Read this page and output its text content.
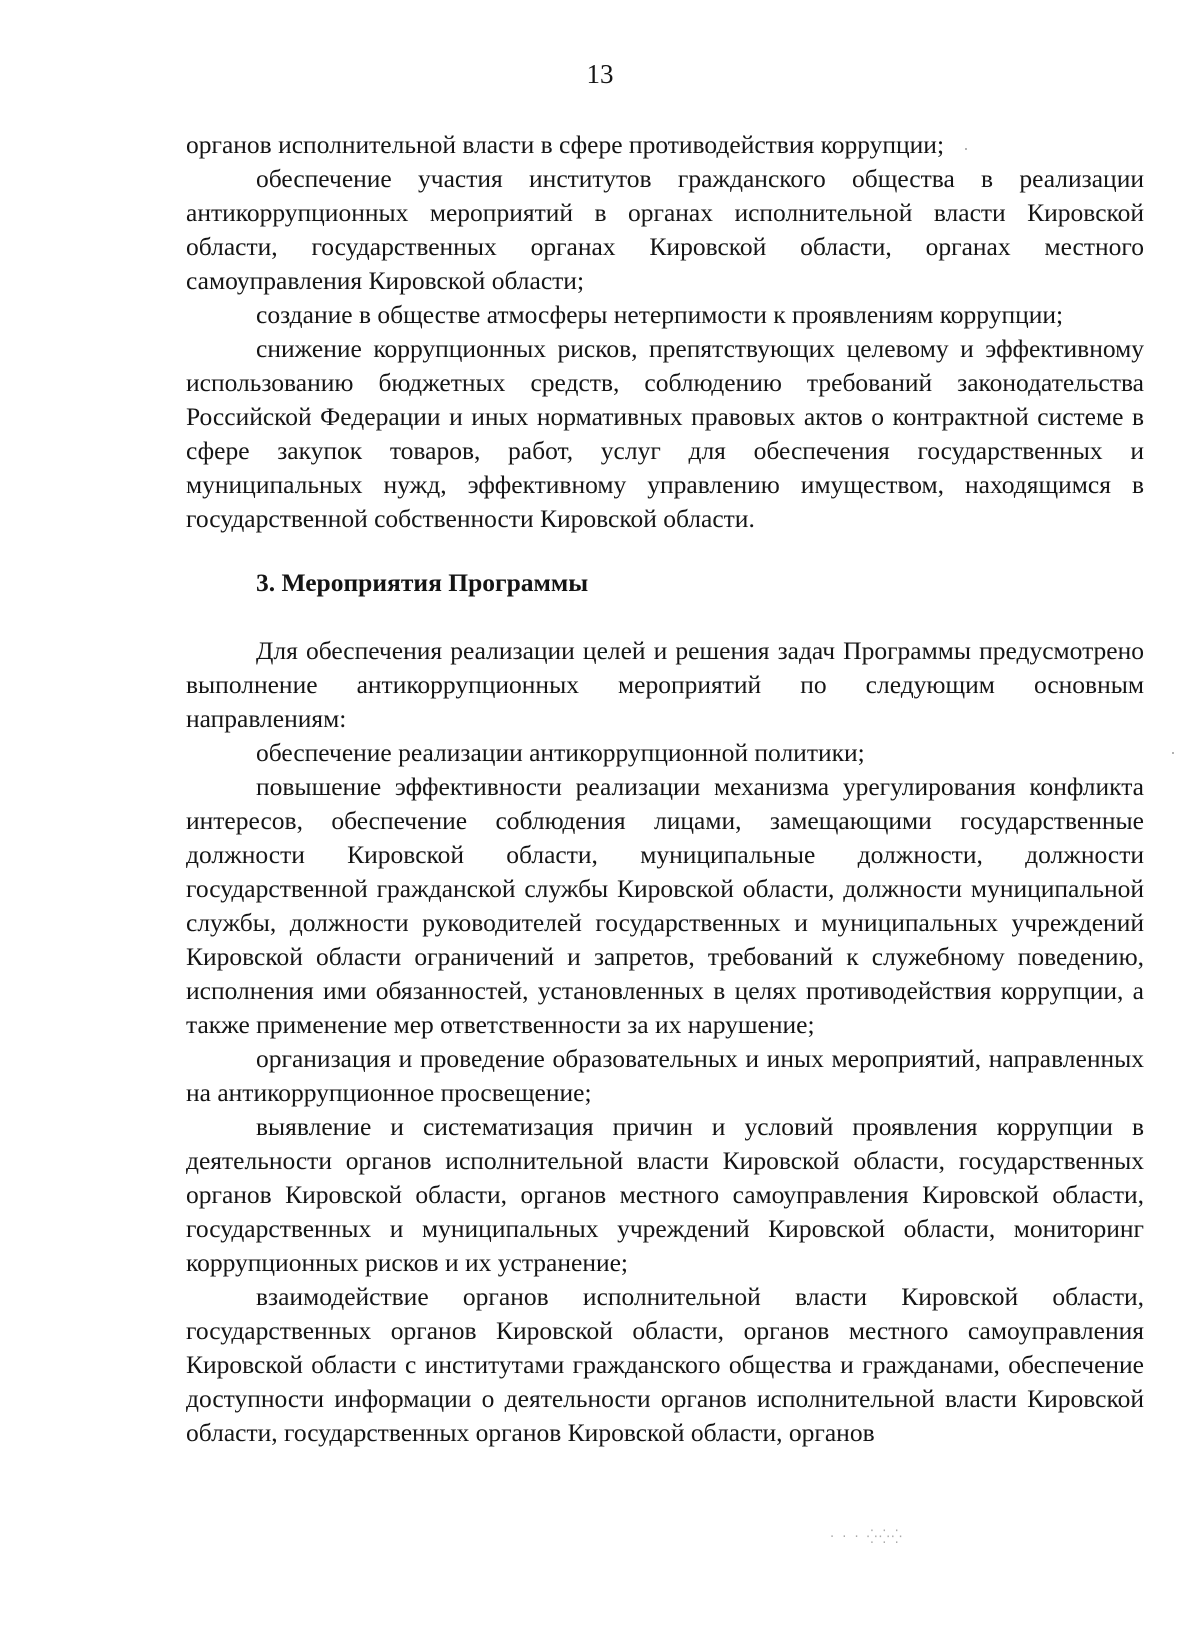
13

органов исполнительной власти в сфере противодействия коррупции;

обеспечение участия институтов гражданского общества в реализации антикоррупционных мероприятий в органах исполнительной власти Кировской области, государственных органах Кировской области, органах местного самоуправления Кировской области;

создание в обществе атмосферы нетерпимости к проявлениям коррупции;

снижение коррупционных рисков, препятствующих целевому и эффективному использованию бюджетных средств, соблюдению требований законодательства Российской Федерации и иных нормативных правовых актов о контрактной системе в сфере закупок товаров, работ, услуг для обеспечения государственных и муниципальных нужд, эффективному управлению имуществом, находящимся в государственной собственности Кировской области.

3. Мероприятия Программы

Для обеспечения реализации целей и решения задач Программы предусмотрено выполнение антикоррупционных мероприятий по следующим основным направлениям:

обеспечение реализации антикоррупционной политики;

повышение эффективности реализации механизма урегулирования конфликта интересов, обеспечение соблюдения лицами, замещающими государственные должности Кировской области, муниципальные должности, должности государственной гражданской службы Кировской области, должности муниципальной службы, должности руководителей государственных и муниципальных учреждений Кировской области ограничений и запретов, требований к служебному поведению, исполнения ими обязанностей, установленных в целях противодействия коррупции, а также применение мер ответственности за их нарушение;

организация и проведение образовательных и иных мероприятий, направленных на антикоррупционное просвещение;

выявление и систематизация причин и условий проявления коррупции в деятельности органов исполнительной власти Кировской области, государственных органов Кировской области, органов местного самоуправления Кировской области, государственных и муниципальных учреждений Кировской области, мониторинг коррупционных рисков и их устранение;

взаимодействие органов исполнительной власти Кировской области, государственных органов Кировской области, органов местного самоуправления Кировской области с институтами гражданского общества и гражданами, обеспечение доступности информации о деятельности органов исполнительной власти Кировской области, государственных органов Кировской области, органов

· · · ⁛⁛⁛
